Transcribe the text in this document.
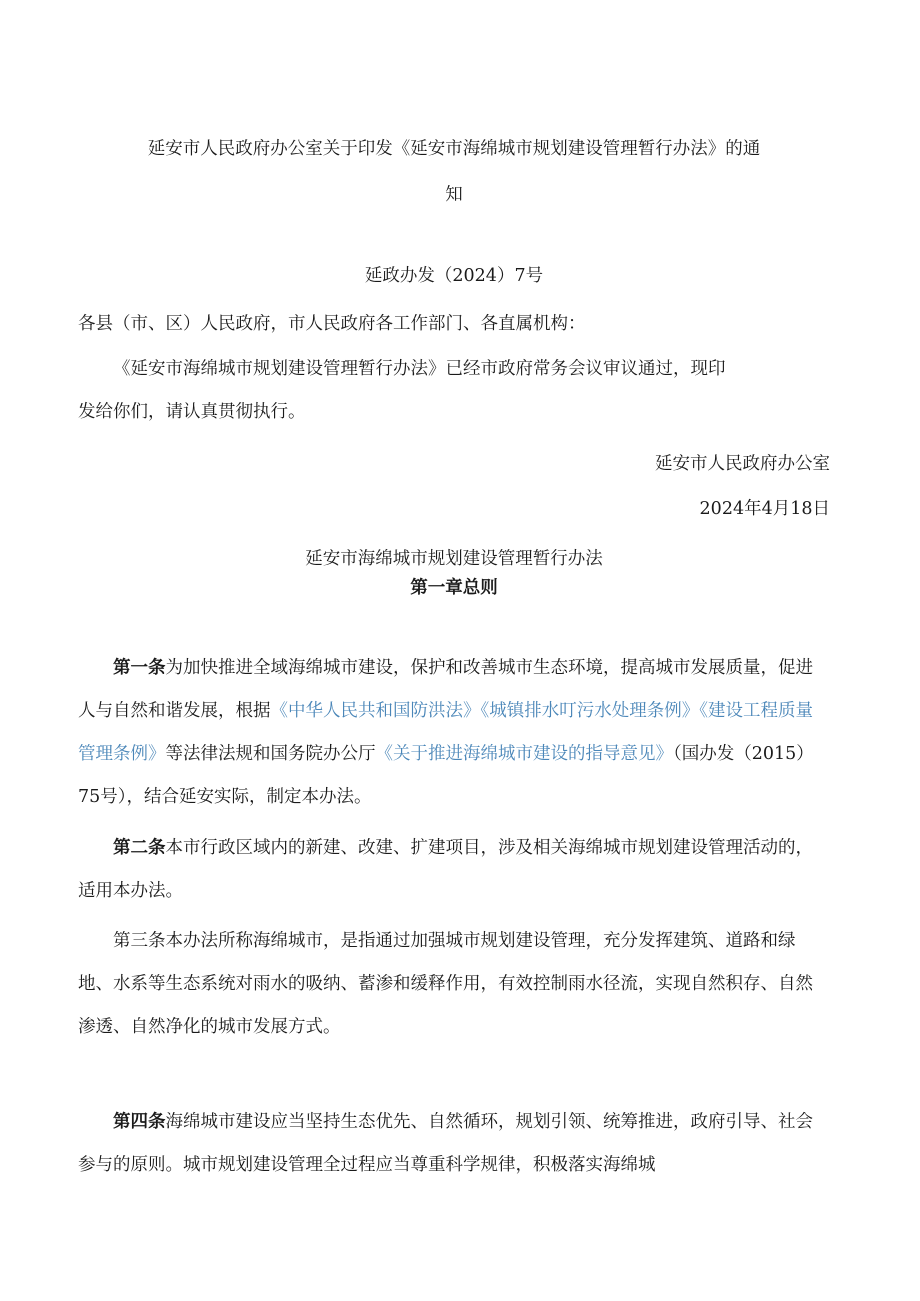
延安市人民政府办公室关于印发《延安市海绵城市规划建设管理暂行办法》的通
知
延政办发（2024）7号
各县（市、区）人民政府，市人民政府各工作部门、各直属机构：
《延安市海绵城市规划建设管理暂行办法》已经市政府常务会议审议通过，现印
发给你们，请认真贯彻执行。
延安市人民政府办公室
2024年4月18日
延安市海绵城市规划建设管理暂行办法
第一章总则
第一条为加快推进全域海绵城市建设，保护和改善城市生态环境，提高城市发展质量，促进人与自然和谐发展，根据《中华人民共和国防洪法》《城镇排水叮污水处理条例》《建设工程质量管理条例》等法律法规和国务院办公厅《关于推进海绵城市建设的指导意见》（国办发（2015）75号），结合延安实际，制定本办法。
第二条本市行政区域内的新建、改建、扩建项目，涉及相关海绵城市规划建设管理活动的，适用本办法。
第三条本办法所称海绵城市，是指通过加强城市规划建设管理，充分发挥建筑、道路和绿地、水系等生态系统对雨水的吸纳、蓄渗和缓释作用，有效控制雨水径流，实现自然积存、自然渗透、自然净化的城市发展方式。
第四条海绵城市建设应当坚持生态优先、自然循环，规划引领、统筹推进，政府引导、社会参与的原则。城市规划建设管理全过程应当尊重科学规律，积极落实海绵城
